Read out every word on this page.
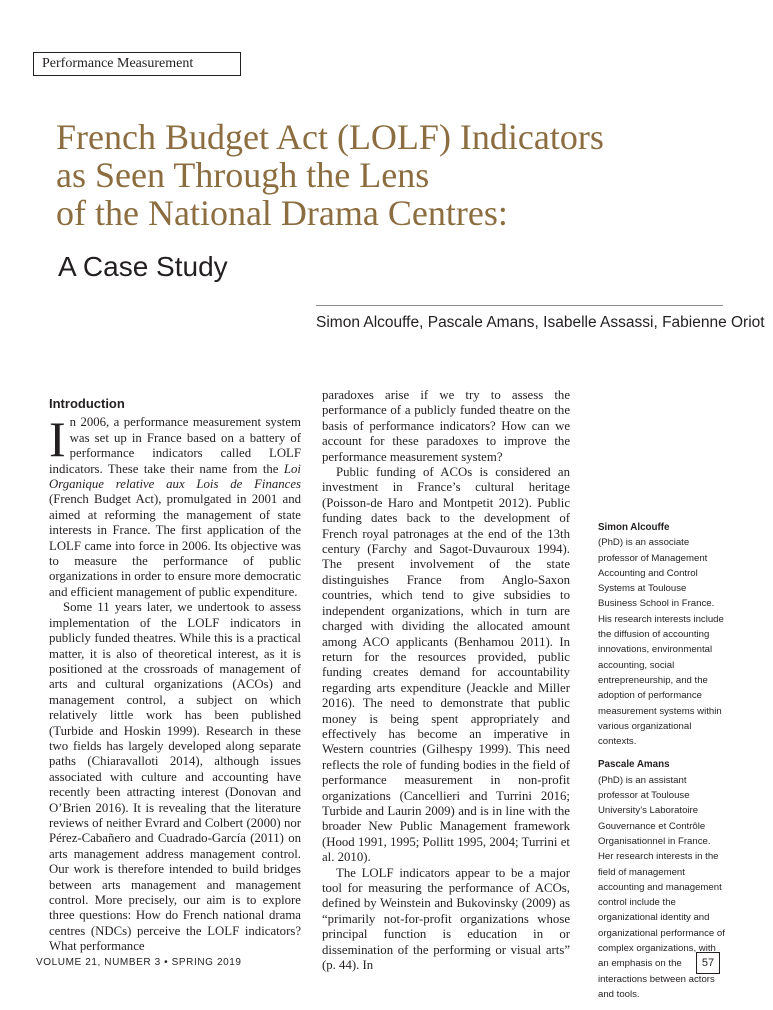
Performance Measurement
French Budget Act (LOLF) Indicators
as Seen Through the Lens
of the National Drama Centres:
A Case Study
Simon Alcouffe, Pascale Amans, Isabelle Assassi, Fabienne Oriot
Introduction

In 2006, a performance measurement system was set up in France based on a battery of performance indicators called LOLF indicators. These take their name from the Loi Organique relative aux Lois de Finances (French Budget Act), promulgated in 2001 and aimed at reforming the management of state interests in France. The first application of the LOLF came into force in 2006. Its objective was to measure the performance of public organizations in order to ensure more democratic and efficient management of public expenditure.

Some 11 years later, we undertook to assess implementation of the LOLF indicators in publicly funded theatres. While this is a practical matter, it is also of theoretical interest, as it is positioned at the crossroads of management of arts and cultural organizations (ACOs) and management control, a subject on which relatively little work has been published (Turbide and Hoskin 1999). Research in these two fields has largely developed along separate paths (Chiaravalloti 2014), although issues associated with culture and accounting have recently been attracting interest (Donovan and O’Brien 2016). It is revealing that the literature reviews of neither Evrard and Colbert (2000) nor Pérez-Cabañero and Cuadrado-García (2011) on arts management address management control. Our work is therefore intended to build bridges between arts management and management control. More precisely, our aim is to explore three questions: How do French national drama centres (NDCs) perceive the LOLF indicators? What performance

paradoxes arise if we try to assess the performance of a publicly funded theatre on the basis of performance indicators? How can we account for these paradoxes to improve the performance measurement system?

Public funding of ACOs is considered an investment in France’s cultural heritage (Poisson-de Haro and Montpetit 2012). Public funding dates back to the development of French royal patronages at the end of the 13th century (Farchy and Sagot-Duvauroux 1994). The present involvement of the state distinguishes France from Anglo-Saxon countries, which tend to give subsidies to independent organizations, which in turn are charged with dividing the allocated amount among ACO applicants (Benhamou 2011). In return for the resources provided, public funding creates demand for accountability regarding arts expenditure (Jeackle and Miller 2016). The need to demonstrate that public money is being spent appropriately and effectively has become an imperative in Western countries (Gilhespy 1999). This need reflects the role of funding bodies in the field of performance measurement in non-profit organizations (Cancellieri and Turrini 2016; Turbide and Laurin 2009) and is in line with the broader New Public Management framework (Hood 1991, 1995; Pollitt 1995, 2004; Turrini et al. 2010).

The LOLF indicators appear to be a major tool for measuring the performance of ACOs, defined by Weinstein and Bukovinsky (2009) as “primarily not-for-profit organizations whose principal function is education in or dissemination of the performing or visual arts” (p. 44). In

Simon Alcouffe

(PhD) is an associate professor of Management Accounting and Control Systems at Toulouse Business School in France. His research interests include the diffusion of accounting innovations, environmental accounting, social entrepreneurship, and the adoption of performance measurement systems within various organizational contexts.

Pascale Amans

(PhD) is an assistant professor at Toulouse University’s Laboratoire Gouvernance et Contrôle Organisationnel in France. Her research interests in the field of management accounting and management control include the organizational identity and organizational performance of complex organizations, with an emphasis on the interactions between actors and tools.

VOLUME 21, NUMBER 3 • SPRING 2019	57
